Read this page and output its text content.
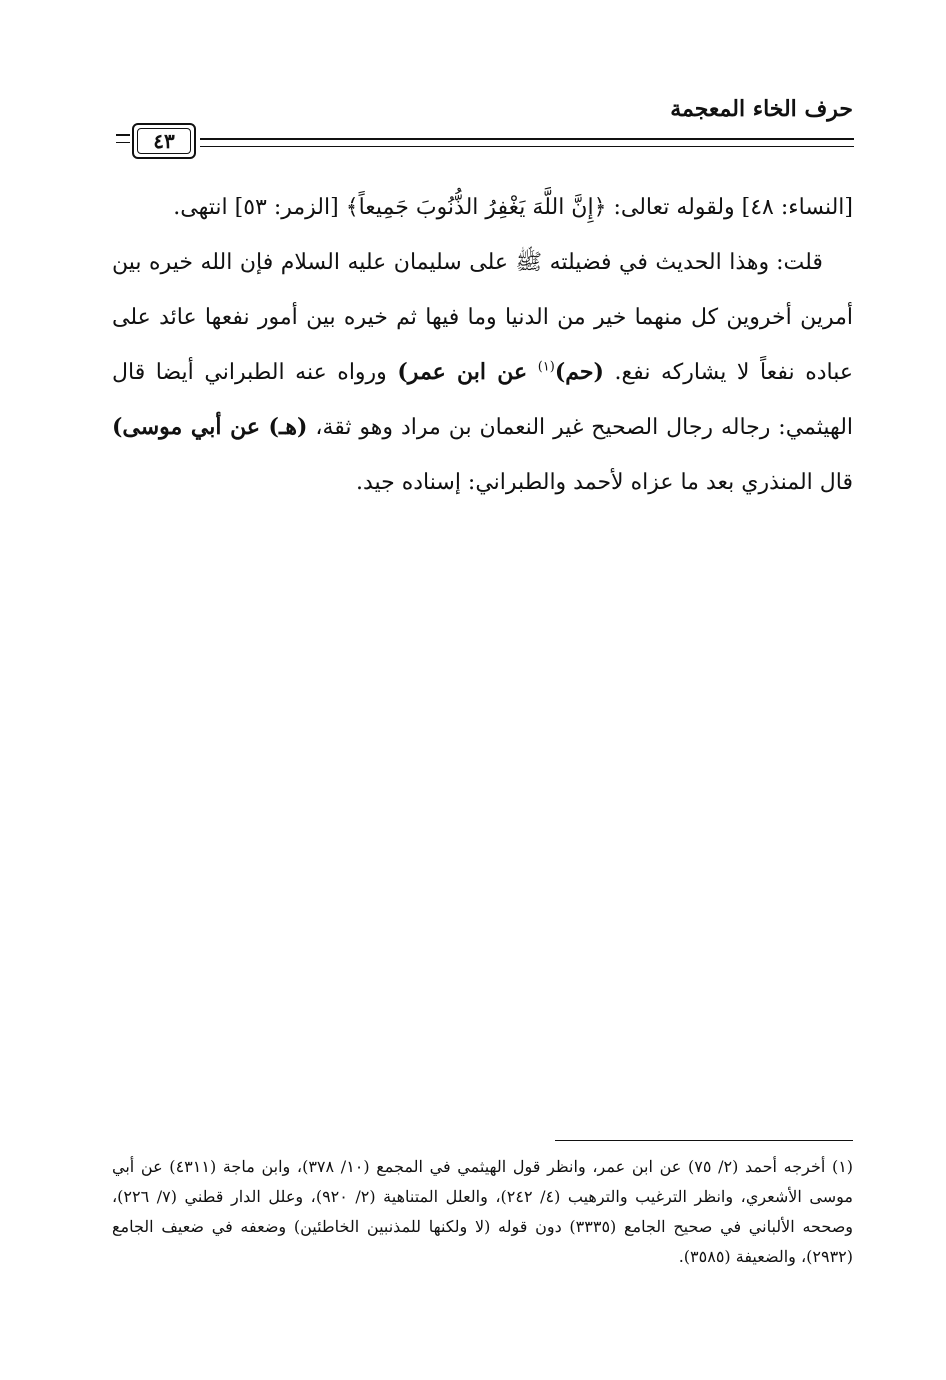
حرف الخاء المعجمة
٤٣

[النساء: ٤٨] ولقوله تعالى: ﴿إِنَّ اللَّهَ يَغْفِرُ الذُّنُوبَ جَمِيعاً﴾ [الزمر: ٥٣] انتهى.

قلت: وهذا الحديث في فضيلته ﷺ على سليمان عليه السلام فإن الله خيره بين أمرين أخروين كل منهما خير من الدنيا وما فيها ثم خيره بين أمور نفعها عائد على عباده نفعاً لا يشاركه نفع. (حم)$^{(١)}$ عن ابن عمر) ورواه عنه الطبراني أيضا قال الهيثمي: رجاله رجال الصحيح غير النعمان بن مراد وهو ثقة، (هـ) عن أبي موسى) قال المنذري بعد ما عزاه لأحمد والطبراني: إسناده جيد.

(١) أخرجه أحمد (٢/ ٧٥) عن ابن عمر، وانظر قول الهيثمي في المجمع (١٠/ ٣٧٨)، وابن ماجة (٤٣١١) عن أبي موسى الأشعري، وانظر الترغيب والترهيب (٤/ ٢٤٢)، والعلل المتناهية (٢/ ٩٢٠)، وعلل الدار قطني (٧/ ٢٢٦)، وصححه الألباني في صحيح الجامع (٣٣٣٥) دون قوله (لا ولكنها للمذنبين الخاطئين) وضعفه في ضعيف الجامع (٢٩٣٢)، والضعيفة (٣٥٨٥).
